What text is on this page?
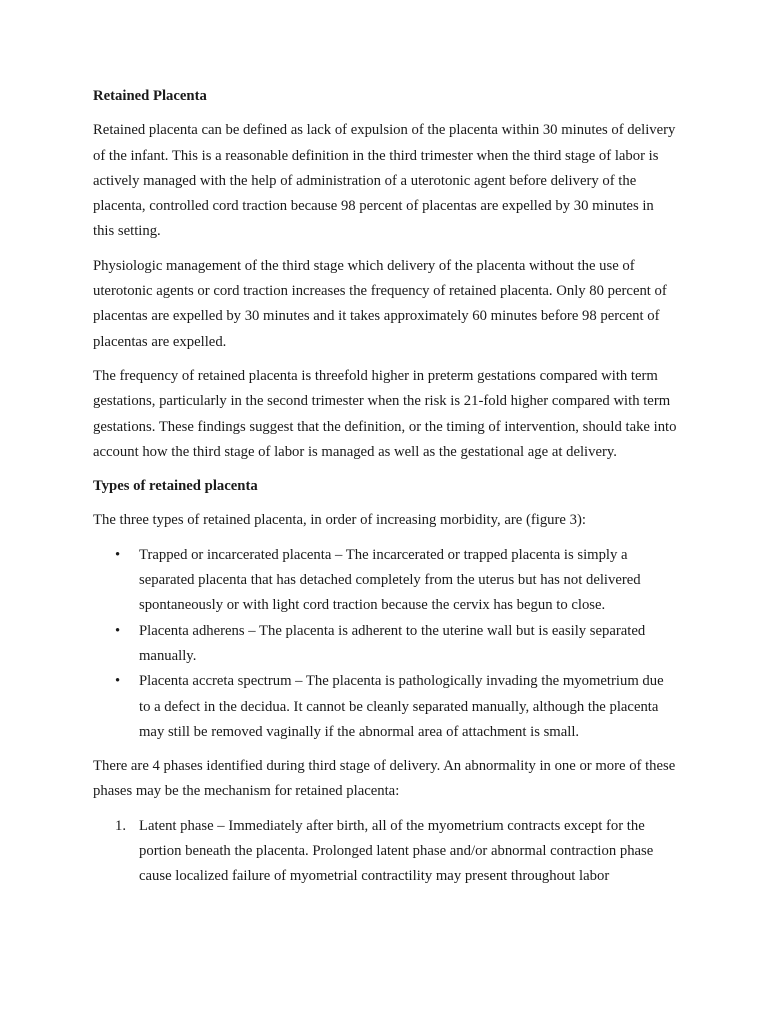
Retained Placenta

Retained placenta can be defined as lack of expulsion of the placenta within 30 minutes of delivery of the infant. This is a reasonable definition in the third trimester when the third stage of labor is actively managed with the help of administration of a uterotonic agent before delivery of the placenta, controlled cord traction because 98 percent of placentas are expelled by 30 minutes in this setting.

Physiologic management of the third stage which delivery of the placenta without the use of uterotonic agents or cord traction increases the frequency of retained placenta. Only 80 percent of placentas are expelled by 30 minutes and it takes approximately 60 minutes before 98 percent of placentas are expelled.

The frequency of retained placenta is threefold higher in preterm gestations compared with term gestations, particularly in the second trimester when the risk is 21-fold higher compared with term gestations. These findings suggest that the definition, or the timing of intervention, should take into account how the third stage of labor is managed as well as the gestational age at delivery.

Types of retained placenta

The three types of retained placenta, in order of increasing morbidity, are (figure 3):

• Trapped or incarcerated placenta – The incarcerated or trapped placenta is simply a separated placenta that has detached completely from the uterus but has not delivered spontaneously or with light cord traction because the cervix has begun to close.
• Placenta adherens – The placenta is adherent to the uterine wall but is easily separated manually.
• Placenta accreta spectrum – The placenta is pathologically invading the myometrium due to a defect in the decidua. It cannot be cleanly separated manually, although the placenta may still be removed vaginally if the abnormal area of attachment is small.

There are 4 phases identified during third stage of delivery. An abnormality in one or more of these phases may be the mechanism for retained placenta:

1. Latent phase – Immediately after birth, all of the myometrium contracts except for the portion beneath the placenta. Prolonged latent phase and/or abnormal contraction phase cause localized failure of myometrial contractility may present throughout labor
